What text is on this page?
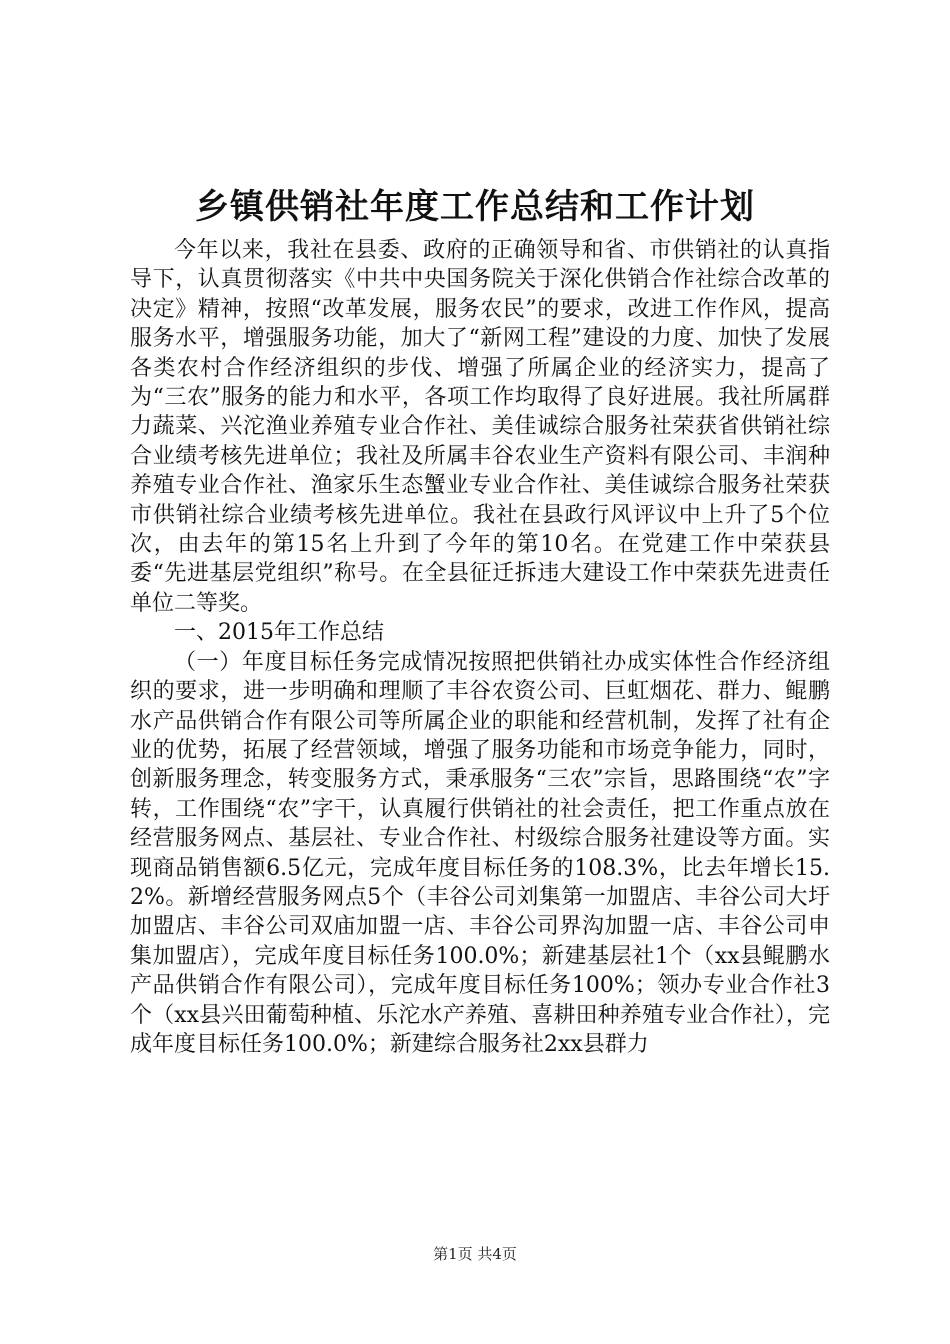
乡镇供销社年度工作总结和工作计划

今年以来，我社在县委、政府的正确领导和省、市供销社的认真指导下，认真贯彻落实《中共中央国务院关于深化供销合作社综合改革的决定》精神，按照“改革发展，服务农民”的要求，改进工作作风，提高服务水平，增强服务功能，加大了“新网工程”建设的力度、加快了发展各类农村合作经济组织的步伐、增强了所属企业的经济实力，提高了为“三农”服务的能力和水平，各项工作均取得了良好进展。我社所属群力蔬菜、兴沱渔业养殖专业合作社、美佳诚综合服务社荣获省供销社综合业绩考核先进单位；我社及所属丰谷农业生产资料有限公司、丰润种养殖专业合作社、渔家乐生态蟹业专业合作社、美佳诚综合服务社荣获市供销社综合业绩考核先进单位。我社在县政行风评议中上升了5个位次，由去年的第15名上升到了今年的第10名。在党建工作中荣获县委“先进基层党组织”称号。在全县征迁拆违大建设工作中荣获先进责任单位二等奖。

一、2015年工作总结

（一）年度目标任务完成情况按照把供销社办成实体性合作经济组织的要求，进一步明确和理顺了丰谷农资公司、巨虹烟花、群力、鲲鹏水产品供销合作有限公司等所属企业的职能和经营机制，发挥了社有企业的优势，拓展了经营领域，增强了服务功能和市场竞争能力，同时，创新服务理念，转变服务方式，秉承服务“三农”宗旨，思路围绕“农”字转，工作围绕“农”字干，认真履行供销社的社会责任，把工作重点放在经营服务网点、基层社、专业合作社、村级综合服务社建设等方面。实现商品销售额6.5亿元，完成年度目标任务的108.3%，比去年增长15.2%。新增经营服务网点5个（丰谷公司刘集第一加盟店、丰谷公司大圩加盟店、丰谷公司双庙加盟一店、丰谷公司界沟加盟一店、丰谷公司申集加盟店），完成年度目标任务100.0%；新建基层社1个（xx县鲲鹏水产品供销合作有限公司），完成年度目标任务100%；领办专业合作社3个（xx县兴田葡萄种植、乐沱水产养殖、喜耕田种养殖专业合作社），完成年度目标任务100.0%；新建综合服务社2xx县群力

第1页 共4页
